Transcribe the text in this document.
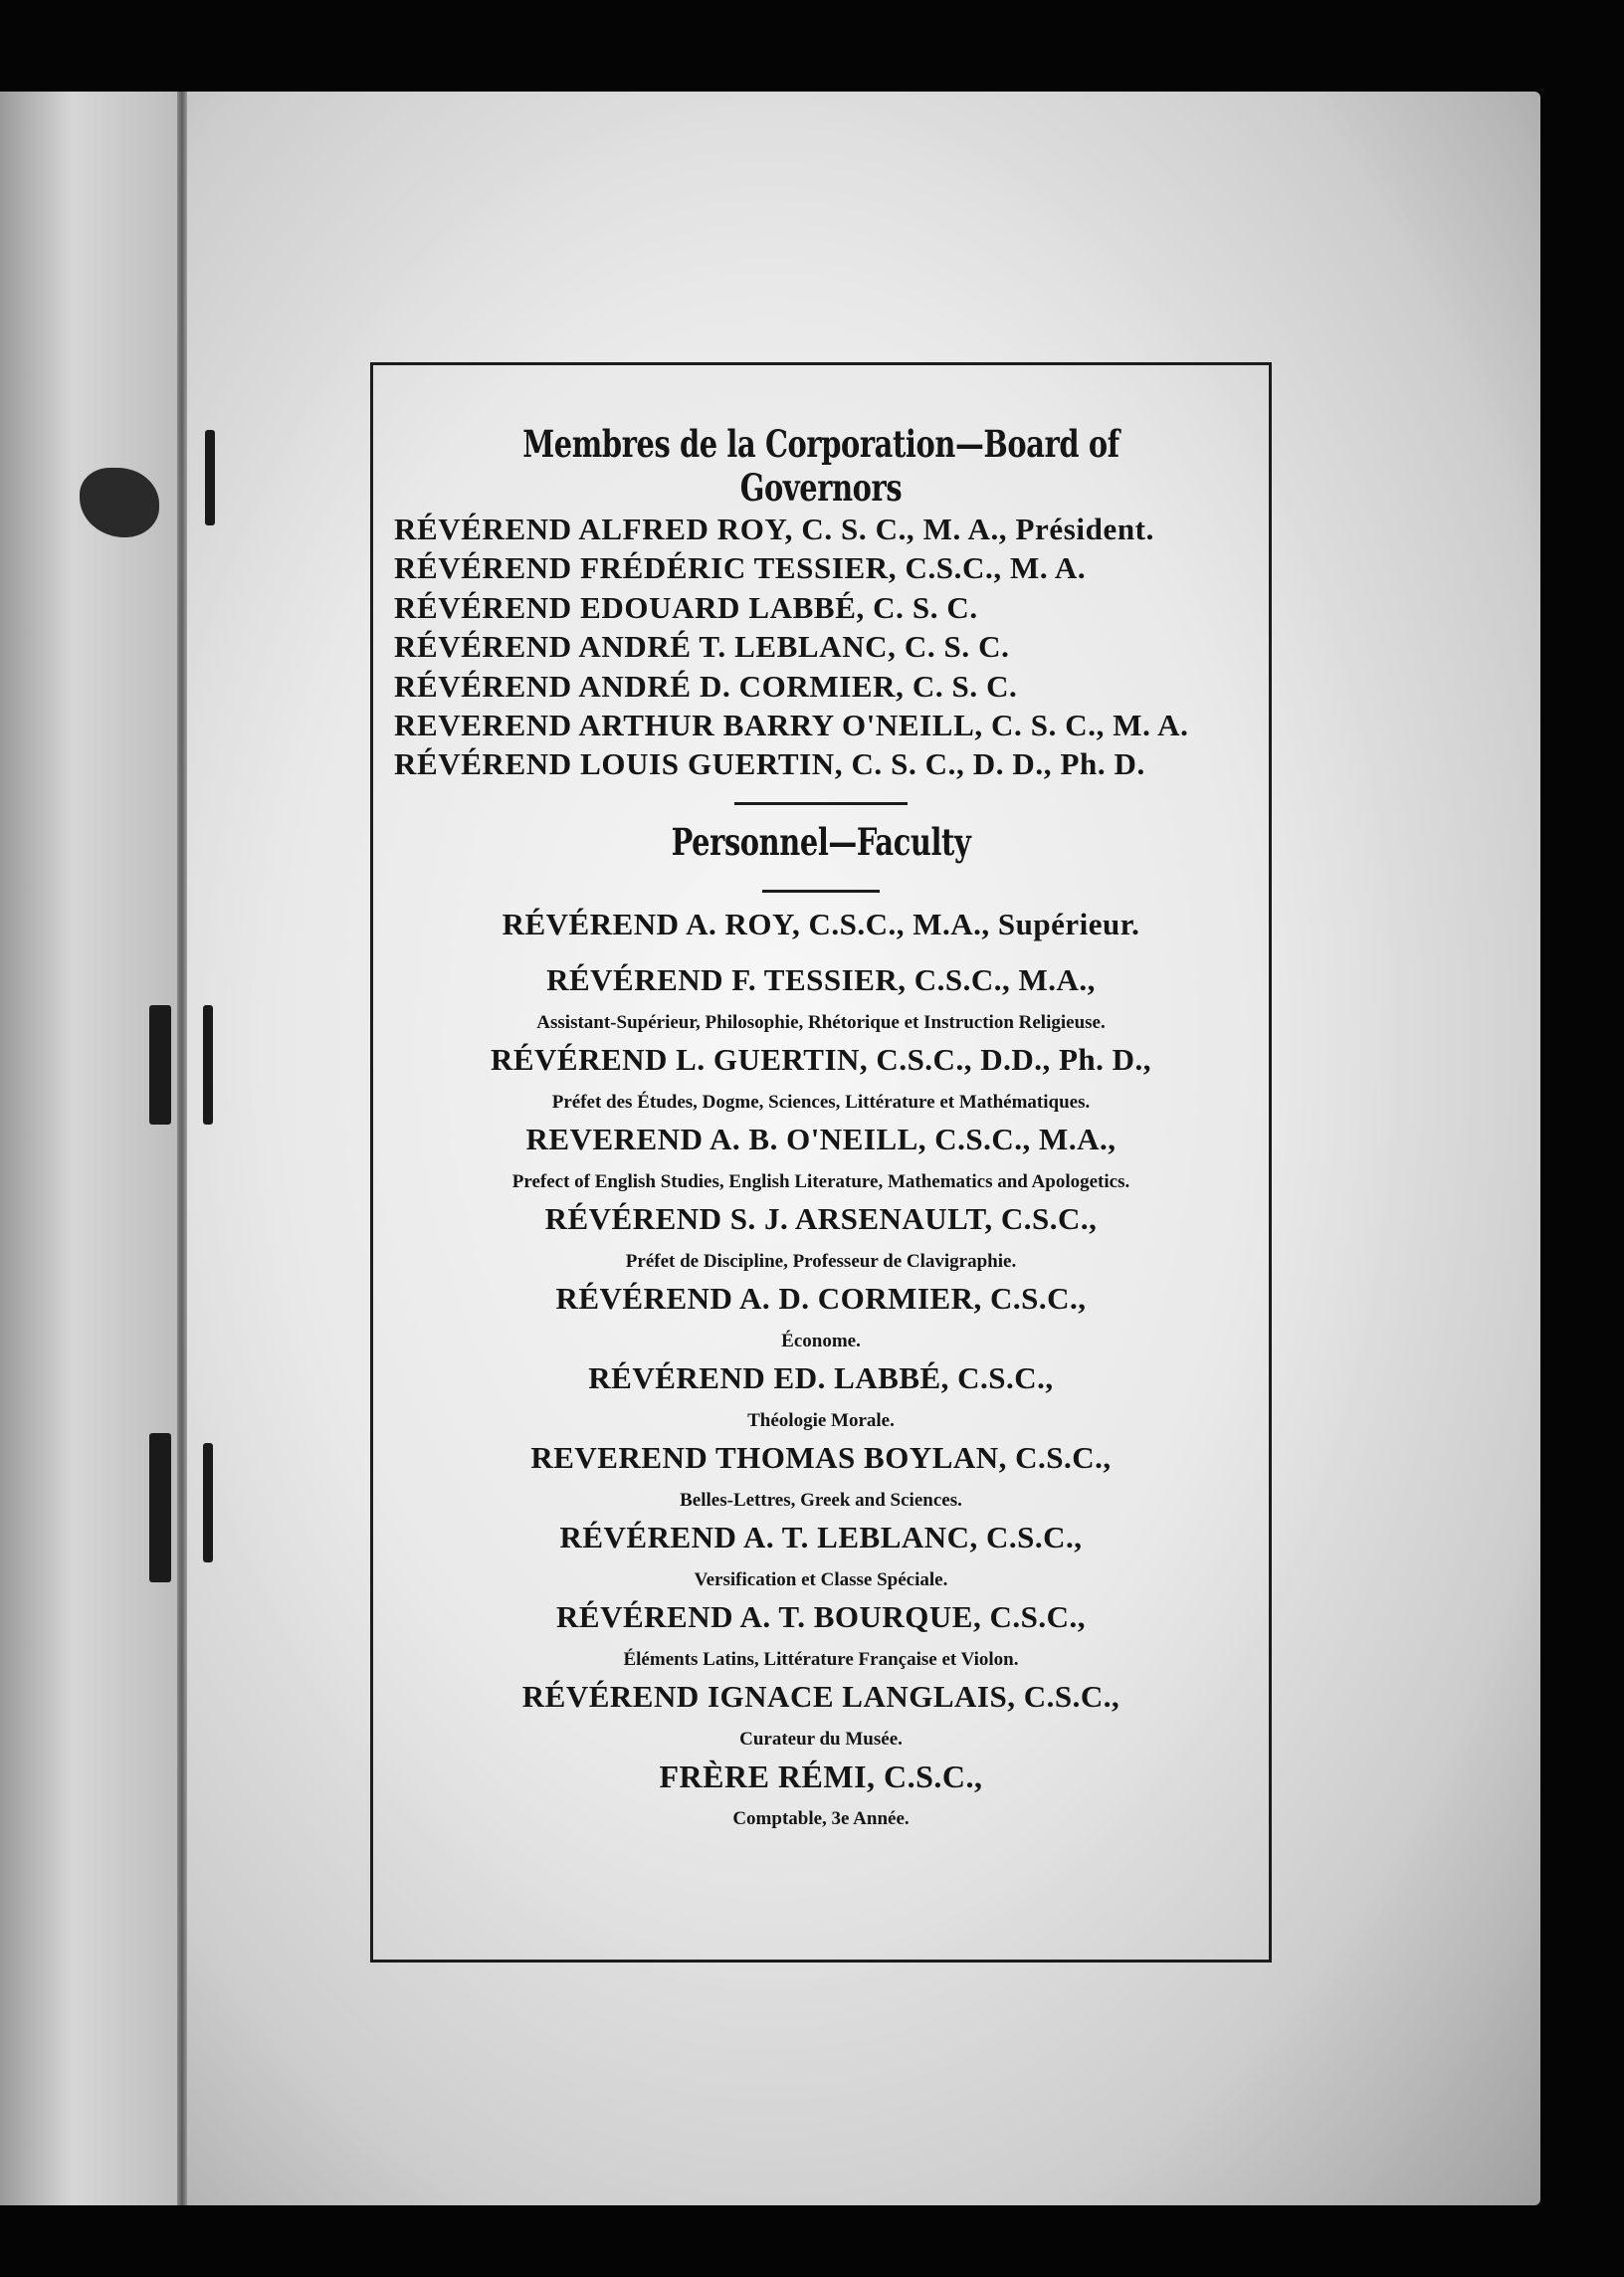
Membres de la Corporation—Board of Governors
RÉVÉREND ALFRED ROY, C. S. C., M. A., Président.
RÉVÉREND FRÉDÉRIC TESSIER, C.S.C., M. A.
RÉVÉREND EDOUARD LABBÉ, C. S. C.
RÉVÉREND ANDRÉ T. LEBLANC, C. S. C.
RÉVÉREND ANDRÉ D. CORMIER, C. S. C.
REVEREND ARTHUR BARRY O'NEILL, C. S. C., M. A.
RÉVÉREND LOUIS GUERTIN, C. S. C., D. D., Ph. D.
Personnel—Faculty
RÉVÉREND A. ROY, C.S.C., M.A., Supérieur.
RÉVÉREND F. TESSIER, C.S.C., M.A.,
Assistant-Supérieur, Philosophie, Rhétorique et Instruction Religieuse.
RÉVÉREND L. GUERTIN, C.S.C., D.D., Ph. D.,
Préfet des Études, Dogme, Sciences, Littérature et Mathématiques.
REVEREND A. B. O'NEILL, C.S.C., M.A.,
Prefect of English Studies, English Literature, Mathematics and Apologetics.
RÉVÉREND S. J. ARSENAULT, C.S.C.,
Préfet de Discipline, Professeur de Clavigraphie.
RÉVÉREND A. D. CORMIER, C.S.C.,
Économe.
RÉVÉREND ED. LABBÉ, C.S.C.,
Théologie Morale.
REVEREND THOMAS BOYLAN, C.S.C.,
Belles-Lettres, Greek and Sciences.
RÉVÉREND A. T. LEBLANC, C.S.C.,
Versification et Classe Spéciale.
RÉVÉREND A. T. BOURQUE, C.S.C.,
Éléments Latins, Littérature Française et Violon.
RÉVÉREND IGNACE LANGLAIS, C.S.C.,
Curateur du Musée.
FRÈRE RÉMI, C.S.C.,
Comptable, 3e Année.
